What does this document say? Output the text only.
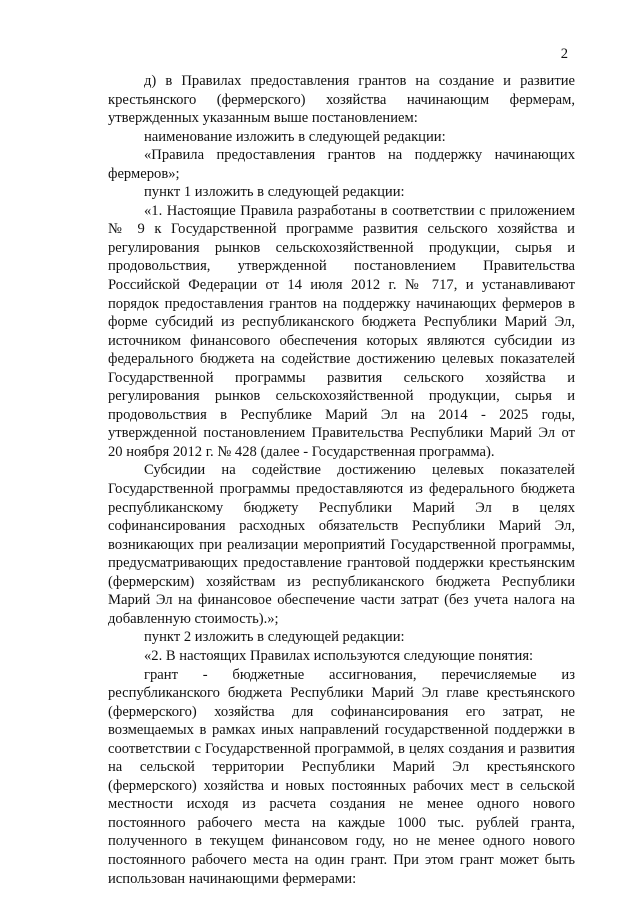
2

д) в Правилах предоставления грантов на создание и развитие крестьянского (фермерского) хозяйства начинающим фермерам, утвержденных указанным выше постановлением:

наименование изложить в следующей редакции:

«Правила предоставления грантов на поддержку начинающих фермеров»;

пункт 1 изложить в следующей редакции:

«1. Настоящие Правила разработаны в соответствии с приложением № 9 к Государственной программе развития сельского хозяйства и регулирования рынков сельскохозяйственной продукции, сырья и продовольствия, утвержденной постановлением Правительства Российской Федерации от 14 июля 2012 г. № 717, и устанавливают порядок предоставления грантов на поддержку начинающих фермеров в форме субсидий из республиканского бюджета Республики Марий Эл, источником финансового обеспечения которых являются субсидии из федерального бюджета на содействие достижению целевых показателей Государственной программы развития сельского хозяйства и регулирования рынков сельскохозяйственной продукции, сырья и продовольствия в Республике Марий Эл на 2014 - 2025 годы, утвержденной постановлением Правительства Республики Марий Эл от 20 ноября 2012 г. № 428 (далее - Государственная программа).

Субсидии на содействие достижению целевых показателей Государственной программы предоставляются из федерального бюджета республиканскому бюджету Республики Марий Эл в целях софинансирования расходных обязательств Республики Марий Эл, возникающих при реализации мероприятий Государственной программы, предусматривающих предоставление грантовой поддержки крестьянским (фермерским) хозяйствам из республиканского бюджета Республики Марий Эл на финансовое обеспечение части затрат (без учета налога на добавленную стоимость).»;

пункт 2 изложить в следующей редакции:

«2. В настоящих Правилах используются следующие понятия:

грант - бюджетные ассигнования, перечисляемые из республиканского бюджета Республики Марий Эл главе крестьянского (фермерского) хозяйства для софинансирования его затрат, не возмещаемых в рамках иных направлений государственной поддержки в соответствии с Государственной программой, в целях создания и развития на сельской территории Республики Марий Эл крестьянского (фермерского) хозяйства и новых постоянных рабочих мест в сельской местности исходя из расчета создания не менее одного нового постоянного рабочего места на каждые 1000 тыс. рублей гранта, полученного в текущем финансовом году, но не менее одного нового постоянного рабочего места на один грант. При этом грант может быть использован начинающими фермерами:
